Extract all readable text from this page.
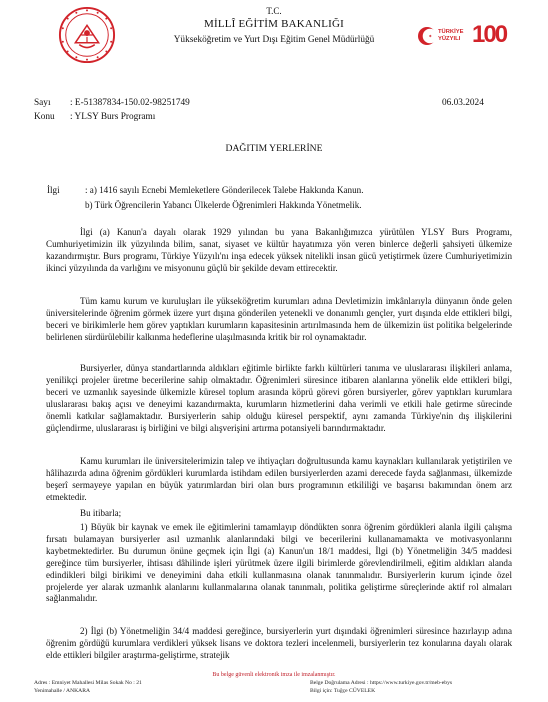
T.C.
MİLLÎ EĞİTİM BAKANLIĞI
Yükseköğretim ve Yurt Dışı Eğitim Genel Müdürlüğü
TÜRKİYE
YÜZYILI 100
Sayı : E-51387834-150.02-98251749
Konu : YLSY Burs Programı
06.03.2024
DAĞITIM YERLERİNE
İlgi	: a) 1416 sayılı Ecnebi Memleketlere Gönderilecek Talebe Hakkında Kanun.
b) Türk Öğrencilerin Yabancı Ülkelerde Öğrenimleri Hakkında Yönetmelik.

İlgi (a) Kanun'a dayalı olarak 1929 yılından bu yana Bakanlığımızca yürütülen YLSY Burs Programı, Cumhuriyetimizin ilk yüzyılında bilim, sanat, siyaset ve kültür hayatımıza yön veren binlerce değerli şahsiyeti ülkemize kazandırmıştır. Burs programı, Türkiye Yüzyılı'nı inşa edecek yüksek nitelikli insan gücü yetiştirmek üzere Cumhuriyetimizin ikinci yüzyılında da varlığını ve misyonunu güçlü bir şekilde devam ettirecektir.

Tüm kamu kurum ve kuruluşları ile yükseköğretim kurumları adına Devletimizin imkânlarıyla dünyanın önde gelen üniversitelerinde öğrenim görmek üzere yurt dışına gönderilen yetenekli ve donanımlı gençler, yurt dışında elde ettikleri bilgi, beceri ve birikimlerle hem görev yaptıkları kurumların kapasitesinin artırılmasında hem de ülkemizin üst politika belgelerinde belirlenen sürdürülebilir kalkınma hedeflerine ulaşılmasında kritik bir rol oynamaktadır.

Bursiyerler, dünya standartlarında aldıkları eğitimle birlikte farklı kültürleri tanıma ve uluslararası ilişkileri anlama, yenilikçi projeler üretme becerilerine sahip olmaktadır. Öğrenimleri süresince itibaren alanlarına yönelik elde ettikleri bilgi, beceri ve uzmanlık sayesinde ülkemizle küresel toplum arasında köprü görevi gören bursiyerler, görev yaptıkları kurumlara uluslararası bakış açısı ve deneyimi kazandırmakta, kurumların hizmetlerini daha verimli ve etkili hale getirme sürecinde önemli katkılar sağlamaktadır. Bursiyerlerin sahip olduğu küresel perspektif, aynı zamanda Türkiye'nin dış ilişkilerini güçlendirme, uluslararası iş birliğini ve bilgi alışverişini artırma potansiyeli barındırmaktadır.

Kamu kurumları ile üniversitelerimizin talep ve ihtiyaçları doğrultusunda kamu kaynakları kullanılarak yetiştirilen ve hâlihazırda adına öğrenim gördükleri kurumlarda istihdam edilen bursiyerlerden azami derecede fayda sağlanması, ülkemizde beşerî sermayeye yapılan en büyük yatırımlardan biri olan burs programının etkililiği ve başarısı bakımından önem arz etmektedir.

Bu itibarla;

1) Büyük bir kaynak ve emek ile eğitimlerini tamamlayıp döndükten sonra öğrenim gördükleri alanla ilgili çalışma fırsatı bulamayan bursiyerler asıl uzmanlık alanlarındaki bilgi ve becerilerini kullanamamakta ve motivasyonlarını kaybetmektedirler. Bu durumun önüne geçmek için İlgi (a) Kanun'un 18/1 maddesi, İlgi (b) Yönetmeliğin 34/5 maddesi gereğince tüm bursiyerler, ihtisası dâhilinde işleri yürütmek üzere ilgili birimlerde görevlendirilmeli, eğitim aldıkları alanda edindikleri bilgi birikimi ve deneyimini daha etkili kullanmasına olanak tanınmalıdır. Bursiyerlerin kurum içinde özel projelerde yer alarak uzmanlık alanlarını kullanmalarına olanak tanınmalı, politika geliştirme süreçlerinde aktif rol almaları sağlanmalıdır.

2) İlgi (b) Yönetmeliğin 34/4 maddesi gereğince, bursiyerlerin yurt dışındaki öğrenimleri süresince hazırlayıp adına öğrenim gördüğü kurumlara verdikleri yüksek lisans ve doktora tezleri incelenmeli, bursiyerlerin tez konularına dayalı olarak elde ettikleri bilgiler araştırma-geliştirme, stratejik

Bu belge güvenli elektronik imza ile imzalanmıştır.
Adres : Emniyet Mahallesi Milas Sokak No : 21
Yenimahalle / ANKARA
Belge Doğrulama Adresi : https://www.turkiye.gov.tr/meb-ebys
Bilgi için: Tuğçe CÜVELEK
